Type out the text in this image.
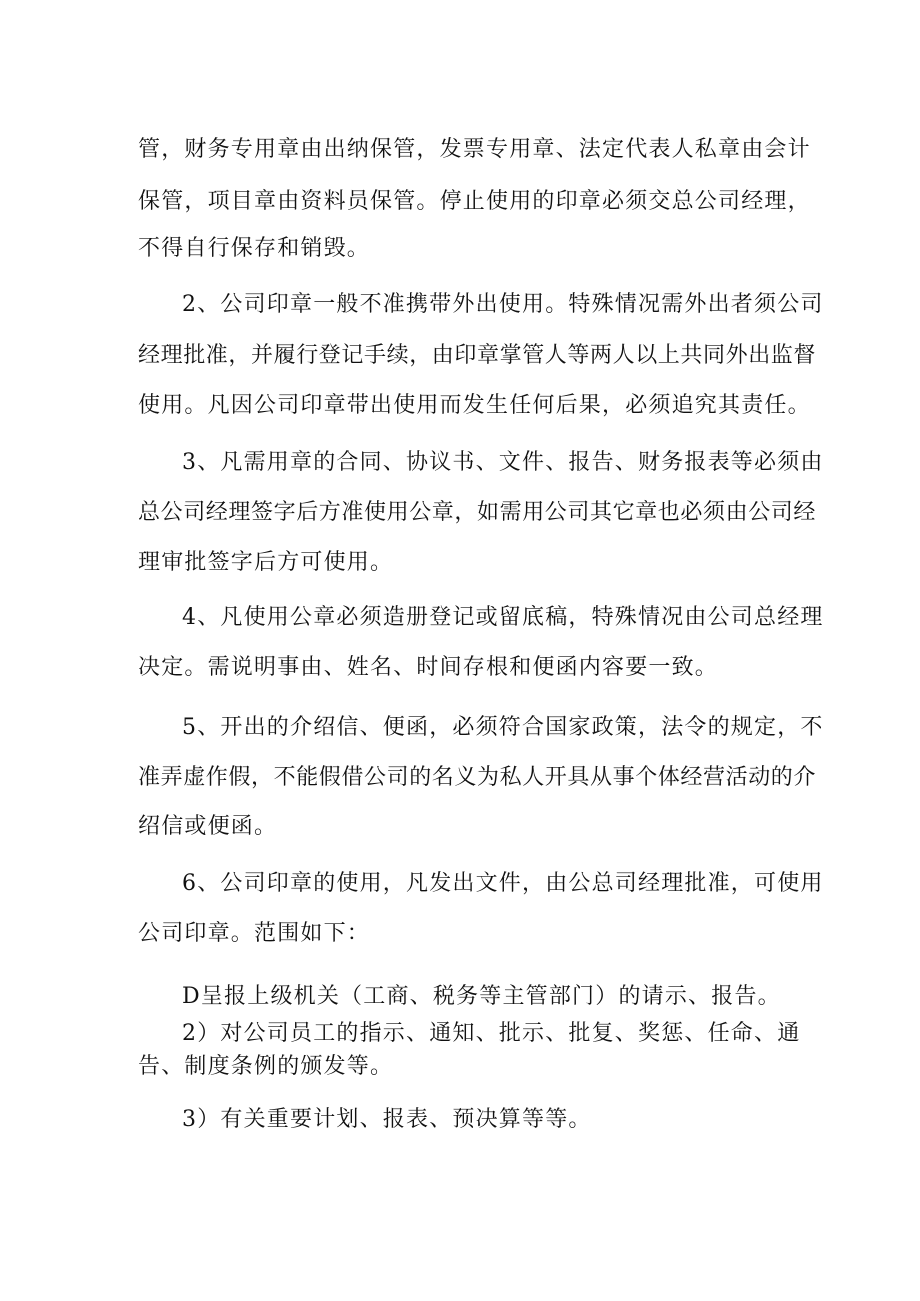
管，财务专用章由出纳保管，发票专用章、法定代表人私章由会计
保管，项目章由资料员保管。停止使用的印章必须交总公司经理，
不得自行保存和销毁。
2、公司印章一般不准携带外出使用。特殊情况需外出者须公司
经理批准，并履行登记手续，由印章掌管人等两人以上共同外出监督
使用。凡因公司印章带出使用而发生任何后果，必须追究其责任。
3、凡需用章的合同、协议书、文件、报告、财务报表等必须由
总公司经理签字后方准使用公章，如需用公司其它章也必须由公司经
理审批签字后方可使用。
4、凡使用公章必须造册登记或留底稿，特殊情况由公司总经理
决定。需说明事由、姓名、时间存根和便函内容要一致。
5、开出的介绍信、便函，必须符合国家政策，法令的规定，不
准弄虚作假，不能假借公司的名义为私人开具从事个体经营活动的介
绍信或便函。
6、公司印章的使用，凡发出文件，由公总司经理批准，可使用
公司印章。范围如下：
D呈报上级机关（工商、税务等主管部门）的请示、报告。
2）对公司员工的指示、通知、批示、批复、奖惩、任命、通
告、制度条例的颁发等。
3）有关重要计划、报表、预决算等等。
